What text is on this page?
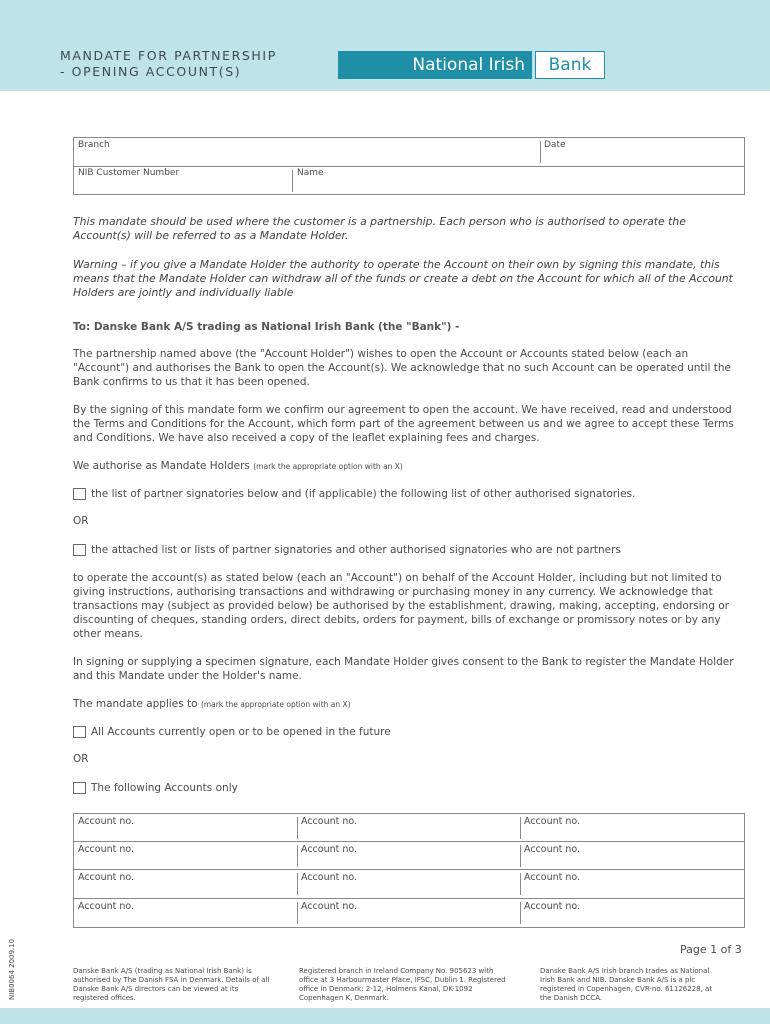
MANDATE FOR PARTNERSHIP
- OPENING ACCOUNT(S)	National Irish	Bank
Branch	Date
NIB Customer Number	Name
This mandate should be used where the customer is a partnership. Each person who is authorised to operate the Account(s) will be referred to as a Mandate Holder.
Warning – if you give a Mandate Holder the authority to operate the Account on their own by signing this mandate, this means that the Mandate Holder can withdraw all of the funds or create a debt on the Account for which all of the Account Holders are jointly and individually liable
To: Danske Bank A/S trading as National Irish Bank (the "Bank") -
The partnership named above (the "Account Holder") wishes to open the Account or Accounts stated below (each an "Account") and authorises the Bank to open the Account(s). We acknowledge that no such Account can be operated until the Bank confirms to us that it has been opened.
By the signing of this mandate form we confirm our agreement to open the account. We have received, read and understood the Terms and Conditions for the Account, which form part of the agreement between us and we agree to accept these Terms and Conditions. We have also received a copy of the leaflet explaining fees and charges.
We authorise as Mandate Holders (mark the appropriate option with an X)
the list of partner signatories below and (if applicable) the following list of other authorised signatories.
OR
the attached list or lists of partner signatories and other authorised signatories who are not partners
to operate the account(s) as stated below (each an "Account") on behalf of the Account Holder, including but not limited to giving instructions, authorising transactions and withdrawing or purchasing money in any currency. We acknowledge that transactions may (subject as provided below) be authorised by the establishment, drawing, making, accepting, endorsing or discounting of cheques, standing orders, direct debits, orders for payment, bills of exchange or promissory notes or by any other means.
In signing or supplying a specimen signature, each Mandate Holder gives consent to the Bank to register the Mandate Holder and this Mandate under the Holder's name.
The mandate applies to (mark the appropriate option with an X)
All Accounts currently open or to be opened in the future
OR
The following Accounts only
Account no.	Account no.	Account no.
Account no.	Account no.	Account no.
Account no.	Account no.	Account no.
Account no.	Account no.	Account no.
Page 1 of 3
NIB0064 2009.10	Danske Bank A/S (trading as National Irish Bank) is authorised by The Danish FSA in Denmark. Details of all Danske Bank A/S directors can be viewed at its registered offices.
Registered branch in Ireland Company No. 905623 with office at 3 Harbourmaster Place, IFSC, Dublin 1. Registered office in Denmark: 2-12, Holmens Kanal, DK-1092 Copenhagen K, Denmark.
Danske Bank A/S Irish branch trades as National Irish Bank and NIB. Danske Bank A/S is a plc registered in Copenhagen, CVR-no. 61126228, at the Danish DCCA.
